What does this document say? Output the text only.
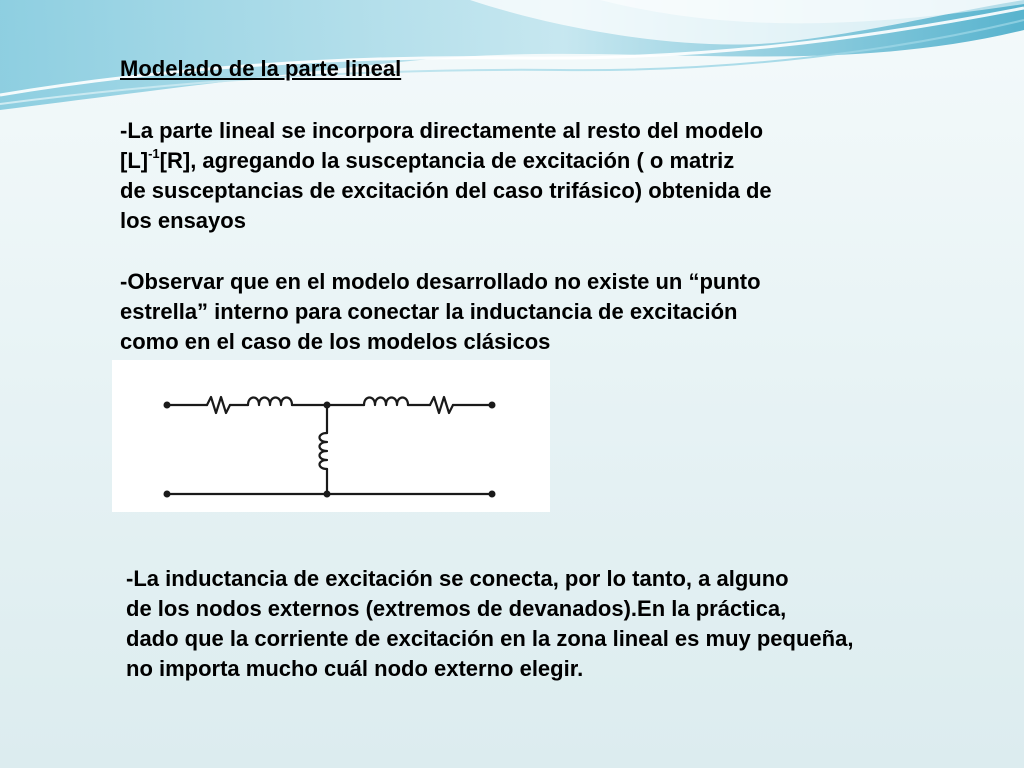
Modelado de la parte lineal
-La parte lineal se incorpora directamente al resto del modelo
$[L]^{-1}[R]$, agregando la susceptancia de excitación ( o matriz
de susceptancias de excitación del caso trifásico) obtenida de
los ensayos
-Observar que en el modelo desarrollado no existe un “punto
estrella” interno para conectar la inductancia de excitación
como en el caso de los modelos clásicos
-La inductancia de excitación se conecta, por lo tanto, a alguno
de los nodos externos (extremos de devanados).En la práctica,
dado que la corriente de excitación en la zona lineal es muy pequeña,
no importa mucho cuál nodo externo elegir.
